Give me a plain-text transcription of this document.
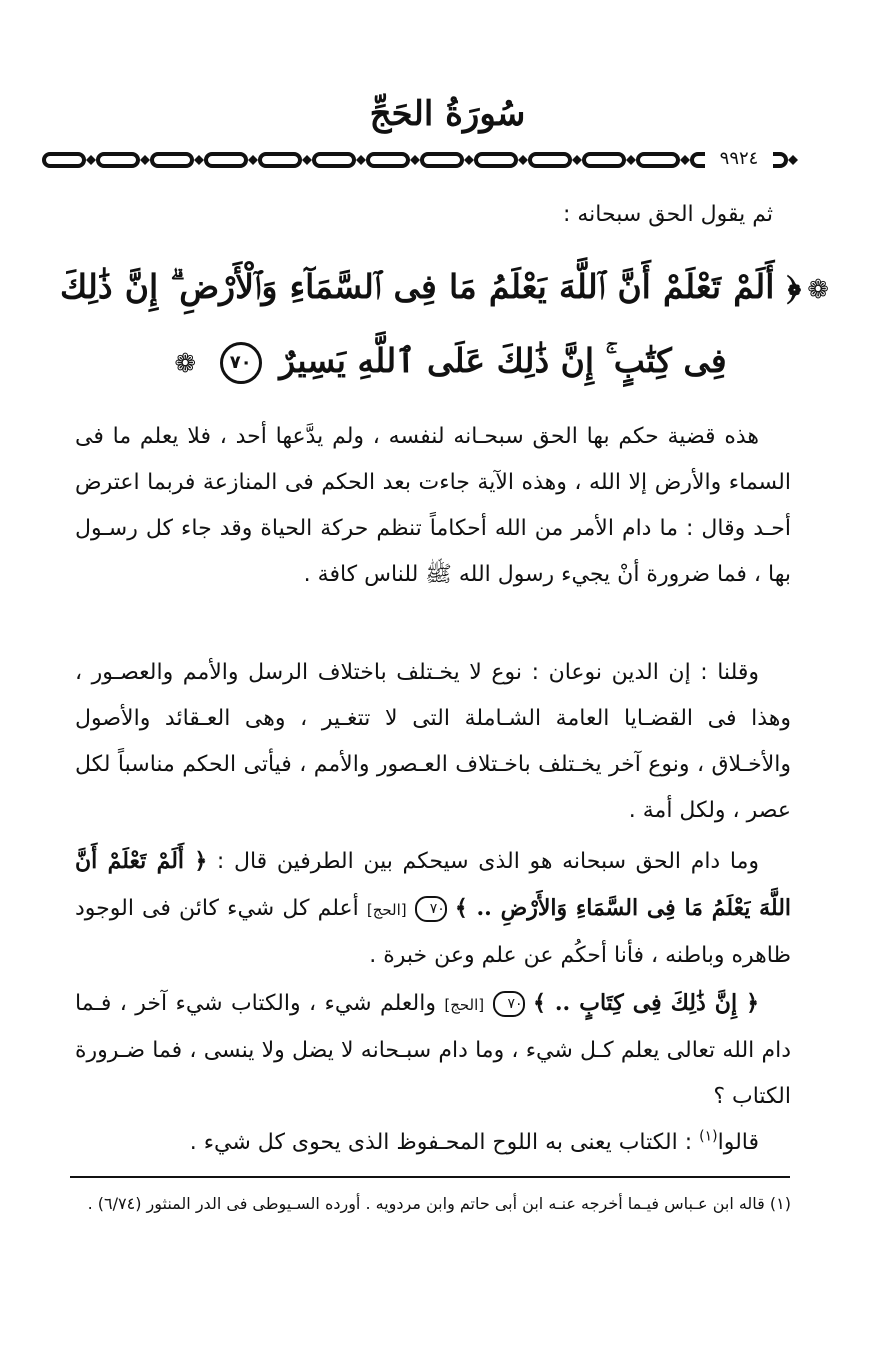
سُورَةُ الحَجِّ
٩٩٢٤
ثم يقول الحق سبحانه :
❁﴿ أَلَمْ تَعْلَمْ أَنَّ ٱللَّهَ يَعْلَمُ مَا فِى ٱلسَّمَآءِ وَٱلْأَرْضِ ۗ إِنَّ ذَٰلِكَ
فِى كِتَٰبٍ ۚ إِنَّ ذَٰلِكَ عَلَى ٱللَّهِ يَسِيرٌ ٧٠ ❁
هذه قضية حكم بها الحق سبحـانه لنفسه ، ولم يدَّعها أحد ، فلا يعلم ما فى السماء والأرض إلا الله ، وهذه الآية جاءت بعد الحكم فى المنازعة فربما اعترض أحـد وقال : ما دام الأمر من الله أحكاماً تنظم حركة الحياة وقد جاء كل رسـول بها ، فما ضرورة أنْ يجيء رسول الله ﷺ للناس كافة .
وقلنا : إن الدين نوعان : نوع لا يخـتلف باختلاف الرسل والأمم والعصـور ، وهذا فى القضـايا العامة الشـاملة التى لا تتغـير ، وهى العـقائد والأصول والأخـلاق ، ونوع آخر يخـتلف باخـتلاف العـصور والأمم ، فيأتى الحكم مناسباً لكل عصر ، ولكل أمة .
وما دام الحق سبحانه هو الذى سيحكم بين الطرفين قال : ﴿ أَلَمْ تَعْلَمْ أَنَّ اللَّهَ يَعْلَمُ مَا فِى السَّمَاءِ وَالأَرْضِ .. ﴾ ٧٠ [الحج] أعلم كل شيء كائن فى الوجود ظاهره وباطنه ، فأنا أحكُم عن علم وعن خبرة .
﴿ إِنَّ ذَٰلِكَ فِى كِتَابٍ .. ﴾ ٧٠ [الحج] والعلم شيء ، والكتاب شيء آخر ، فـما دام الله تعالى يعلم كـل شيء ، وما دام سبـحانه لا يضل ولا ينسى ، فما ضـرورة الكتاب ؟
قالوا$^{(١)}$ : الكتاب يعنى به اللوح المحـفوظ الذى يحوى كل شيء .
(١) قاله ابن عـباس فيـما أخرجه عنـه ابن أبى حاتم وابن مردويه . أورده السـيوطى فى الدر المنثور (٦/٧٤) .
